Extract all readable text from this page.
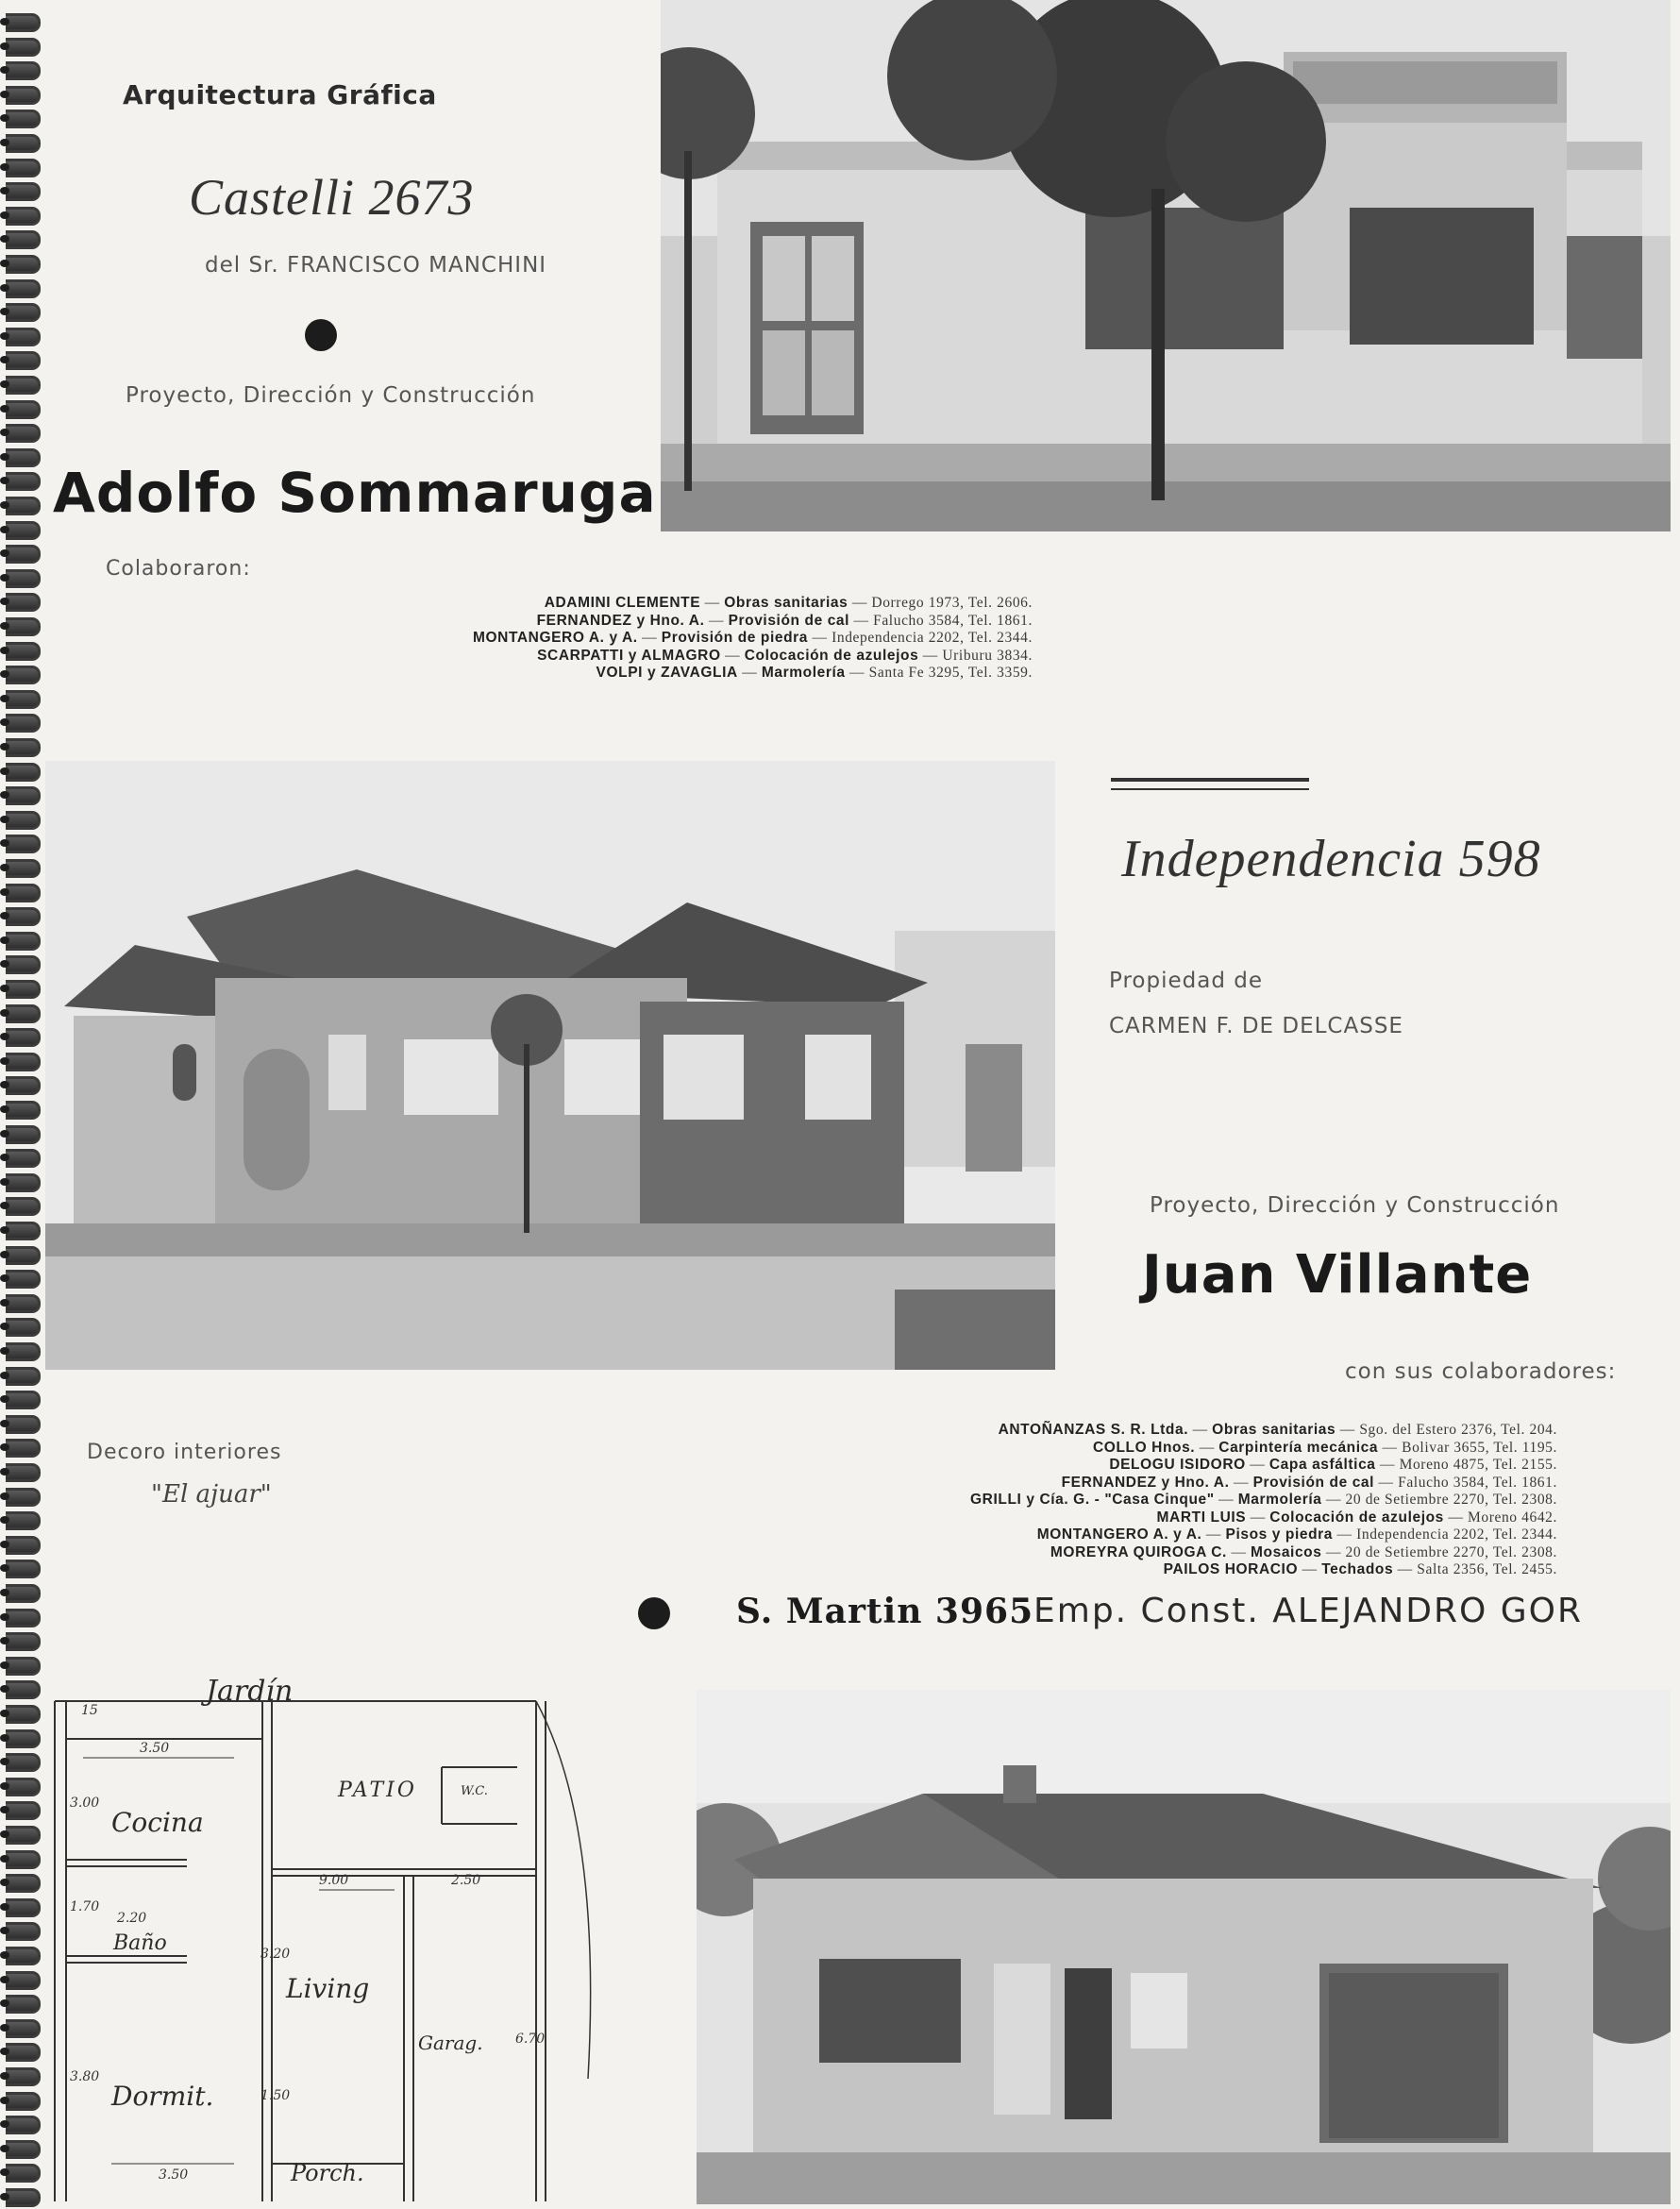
Arquitectura Gráfica
Castelli 2673
del Sr. FRANCISCO MANCHINI
Proyecto, Dirección y Construcción
Adolfo Sommaruga
Colaboraron:
ADAMINI CLEMENTE — Obras sanitarias — Dorrego 1973, Tel. 2606.
FERNANDEZ y Hno. A. — Provisión de cal — Falucho 3584, Tel. 1861.
MONTANGERO A. y A. — Provisión de piedra — Independencia 2202, Tel. 2344.
SCARPATTI y ALMAGRO — Colocación de azulejos — Uriburu 3834.
VOLPI y ZAVAGLIA — Marmolería — Santa Fe 3295, Tel. 3359.
Independencia 598
Propiedad de
CARMEN F. DE DELCASSE
Proyecto, Dirección y Construcción
Juan Villante
con sus colaboradores:
ANTOÑANZAS S. R. Ltda. — Obras sanitarias — Sgo. del Estero 2376, Tel. 204.
COLLO Hnos. — Carpintería mecánica — Bolivar 3655, Tel. 1195.
DELOGU ISIDORO — Capa asfáltica — Moreno 4875, Tel. 2155.
FERNANDEZ y Hno. A. — Provisión de cal — Falucho 3584, Tel. 1861.
GRILLI y Cía. G. - "Casa Cinque" — Marmolería — 20 de Setiembre 2270, Tel. 2308.
MARTI LUIS — Colocación de azulejos — Moreno 4642.
MONTANGERO A. y A. — Pisos y piedra — Independencia 2202, Tel. 2344.
MOREYRA QUIROGA C. — Mosaicos — 20 de Setiembre 2270, Tel. 2308.
PAILOS HORACIO — Techados — Salta 2356, Tel. 2455.
Decoro interiores
"El ajuar"
S. Martin 3965 Emp. Const. ALEJANDRO GOR
Jardín
PATIO
Cocina
W.C.
Baño
Living
Garag.
Dormit.
Porch.
3.50
3.00
1.70
2.20
9.00	2.50
3.20
3.80
1.50
6.70
3.50
15
